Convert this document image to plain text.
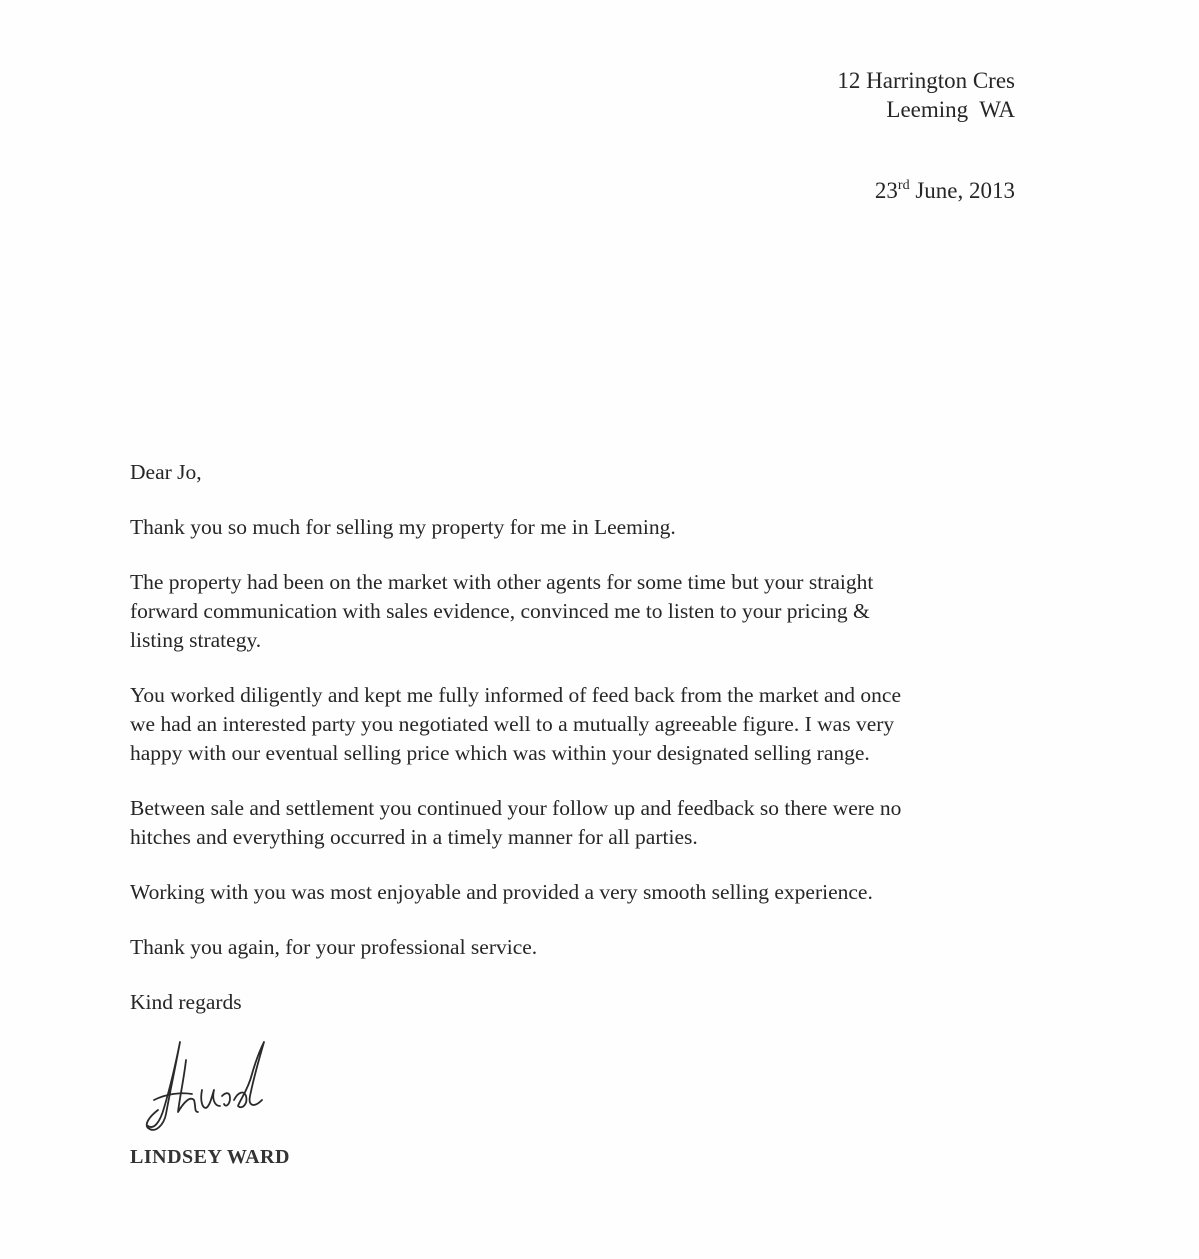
12 Harrington Cres
Leeming  WA
23rd June, 2013
Dear Jo,
Thank you so much for selling my property for me in Leeming.
The property had been on the market with other agents for some time but your straight
forward communication with sales evidence, convinced me to listen to your pricing &
listing strategy.
You worked diligently and kept me fully informed of feed back from the market and once
we had an interested party you negotiated well to a mutually agreeable figure. I was very
happy with our eventual selling price which was within your designated selling range.
Between sale and settlement you continued your follow up and feedback so there were no
hitches and everything occurred in a timely manner for all parties.
Working with you was most enjoyable and provided a very smooth selling experience.
Thank you again, for your professional service.
Kind regards
LINDSEY WARD
